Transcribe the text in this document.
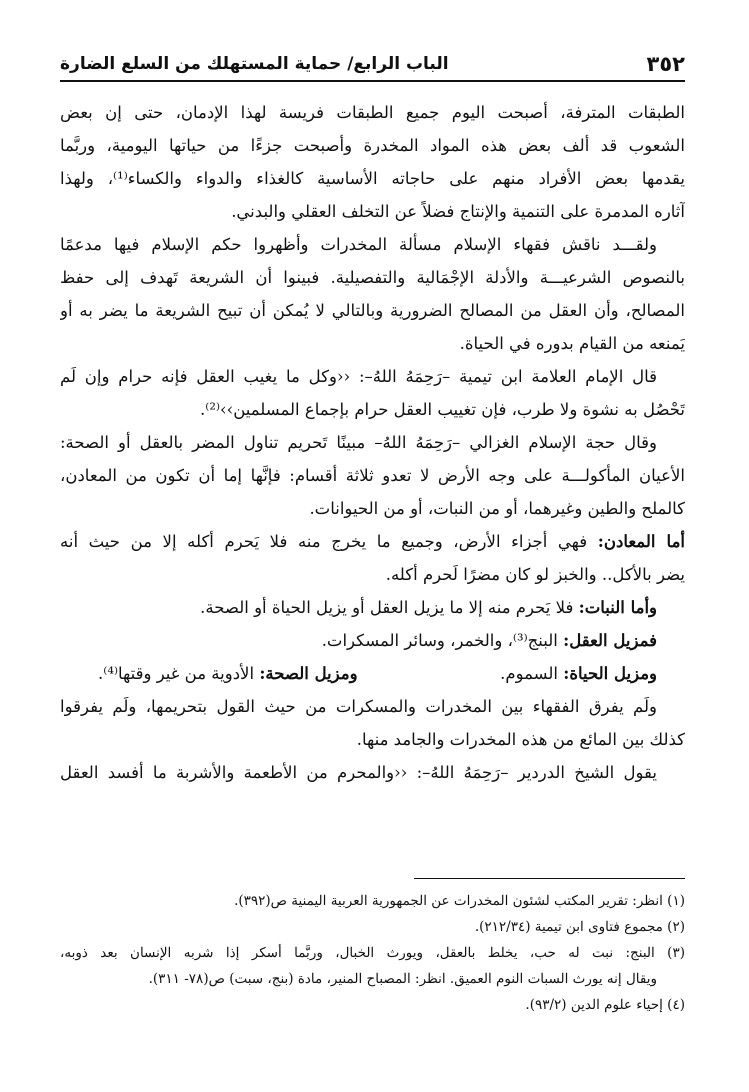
٣٥٢
الباب الرابع/ حماية المستهلك من السلع الضارة
الطبقات المترفة، أصبحت اليوم جميع الطبقات فريسة لهذا الإدمان، حتى إن بعض
الشعوب قد ألف بعض هذه المواد المخدرة وأصبحت جزءًا من حياتها اليومية، وربَّما
يقدمها بعض الأفراد منهم على حاجاته الأساسية كالغذاء والدواء والكساء⁽¹⁾، ولهذا
آثاره المدمرة على التنمية والإنتاج فضلاً عن التخلف العقلي والبدني.
ولقـــد ناقش فقهاء الإسلام مسألة المخدرات وأظهروا حكم الإسلام فيها مدعمًا
بالنصوص الشرعيـــة والأدلة الإجْمَالية والتفصيلية. فبينوا أن الشريعة تَهدف إلى حفظ
المصالح، وأن العقل من المصالح الضرورية وبالتالي لا يُمكن أن تبيح الشريعة ما يضر به أو
يَمنعه من القيام بدوره في الحياة.
قال الإمام العلامة ابن تيمية –رَحِمَهُ اللهُ–: ‹‹وكل ما يغيب العقل فإنه حرام وإن لَم
تَحْصُل به نشوة ولا طرب، فإن تغييب العقل حرام بإجماع المسلمين››⁽²⁾.
وقال حجة الإسلام الغزالي –رَحِمَهُ اللهُ– مبينًا تَحريم تناول المضر بالعقل أو الصحة:
الأعيان المأكولـــة على وجه الأرض لا تعدو ثلاثة أقسام: فإنَّها إما أن تكون من المعادن،
كالملح والطين وغيرهما، أو من النبات، أو من الحيوانات.
أما المعادن: فهي أجزاء الأرض، وجميع ما يخرج منه فلا يَحرم أكله إلا من حيث أنه
يضر بالأكل.. والخبز لو كان مضرًا لَحرم أكله.
وأما النبات: فلا يَحرم منه إلا ما يزيل العقل أو يزيل الحياة أو الصحة.
فمزيل العقل: البنج⁽³⁾، والخمر، وسائر المسكرات.
ومزيل الحياة: السموم.
ومزيل الصحة: الأدوية من غير وقتها⁽⁴⁾.
ولَم يفرق الفقهاء بين المخدرات والمسكرات من حيث القول بتحريمها، ولَم يفرقوا
كذلك بين المائع من هذه المخدرات والجامد منها.
يقول الشيخ الدردير –رَحِمَهُ اللهُ–: ‹‹والمحرم من الأطعمة والأشربة ما أفسد العقل
(١) انظر: تقرير المكتب لشئون المخدرات عن الجمهورية العربية اليمنية ص(٣٩٢).
(٢) مجموع فتاوى ابن تيمية (٢١٢/٣٤).
(٣) البنج: نبت له حب، يخلط بالعقل، ويورث الخبال، وربَّما أسكر إذا شربه الإنسان بعد ذوبه،
ويقال إنه يورث السبات النوم العميق. انظر: المصباح المنير، مادة (بنج، سبت) ص(٧٨- ٣١١).
(٤) إحياء علوم الدين (٩٣/٢).
